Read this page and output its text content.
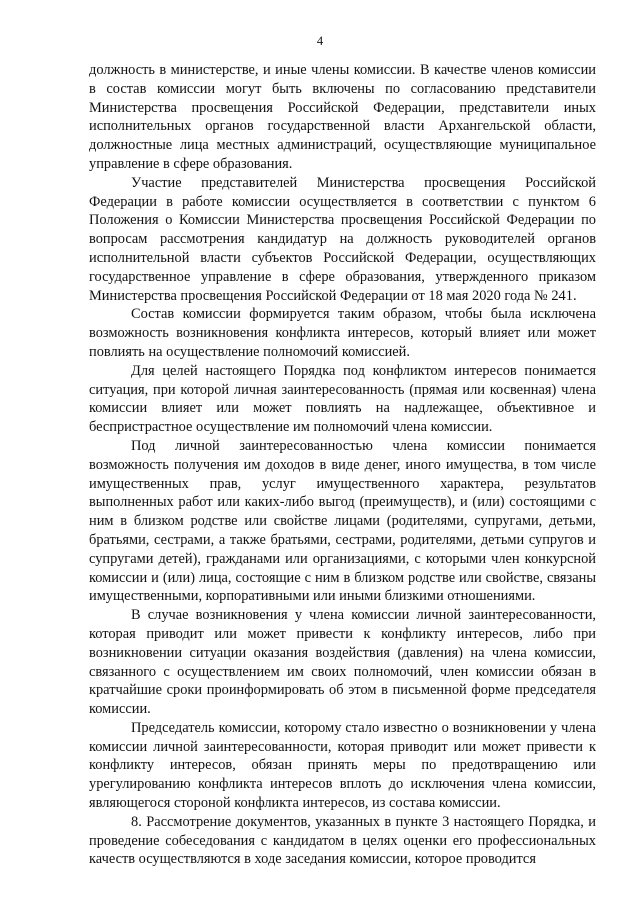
4

должность в министерстве, и иные члены комиссии. В качестве членов комиссии в состав комиссии могут быть включены по согласованию представители Министерства просвещения Российской Федерации, представители иных исполнительных органов государственной власти Архангельской области, должностные лица местных администраций, осуществляющие муниципальное управление в сфере образования.

Участие представителей Министерства просвещения Российской Федерации в работе комиссии осуществляется в соответствии с пунктом 6 Положения о Комиссии Министерства просвещения Российской Федерации по вопросам рассмотрения кандидатур на должность руководителей органов исполнительной власти субъектов Российской Федерации, осуществляющих государственное управление в сфере образования, утвержденного приказом Министерства просвещения Российской Федерации от 18 мая 2020 года № 241.

Состав комиссии формируется таким образом, чтобы была исключена возможность возникновения конфликта интересов, который влияет или может повлиять на осуществление полномочий комиссией.

Для целей настоящего Порядка под конфликтом интересов понимается ситуация, при которой личная заинтересованность (прямая или косвенная) члена комиссии влияет или может повлиять на надлежащее, объективное и беспристрастное осуществление им полномочий члена комиссии.

Под личной заинтересованностью члена комиссии понимается возможность получения им доходов в виде денег, иного имущества, в том числе имущественных прав, услуг имущественного характера, результатов выполненных работ или каких-либо выгод (преимуществ), и (или) состоящими с ним в близком родстве или свойстве лицами (родителями, супругами, детьми, братьями, сестрами, а также братьями, сестрами, родителями, детьми супругов и супругами детей), гражданами или организациями, с которыми член конкурсной комиссии и (или) лица, состоящие с ним в близком родстве или свойстве, связаны имущественными, корпоративными или иными близкими отношениями.

В случае возникновения у члена комиссии личной заинтересованности, которая приводит или может привести к конфликту интересов, либо при возникновении ситуации оказания воздействия (давления) на члена комиссии, связанного с осуществлением им своих полномочий, член комиссии обязан в кратчайшие сроки проинформировать об этом в письменной форме председателя комиссии.

Председатель комиссии, которому стало известно о возникновении у члена комиссии личной заинтересованности, которая приводит или может привести к конфликту интересов, обязан принять меры по предотвращению или урегулированию конфликта интересов вплоть до исключения члена комиссии, являющегося стороной конфликта интересов, из состава комиссии.

8. Рассмотрение документов, указанных в пункте 3 настоящего Порядка, и проведение собеседования с кандидатом в целях оценки его профессиональных качеств осуществляются в ходе заседания комиссии, которое проводится
